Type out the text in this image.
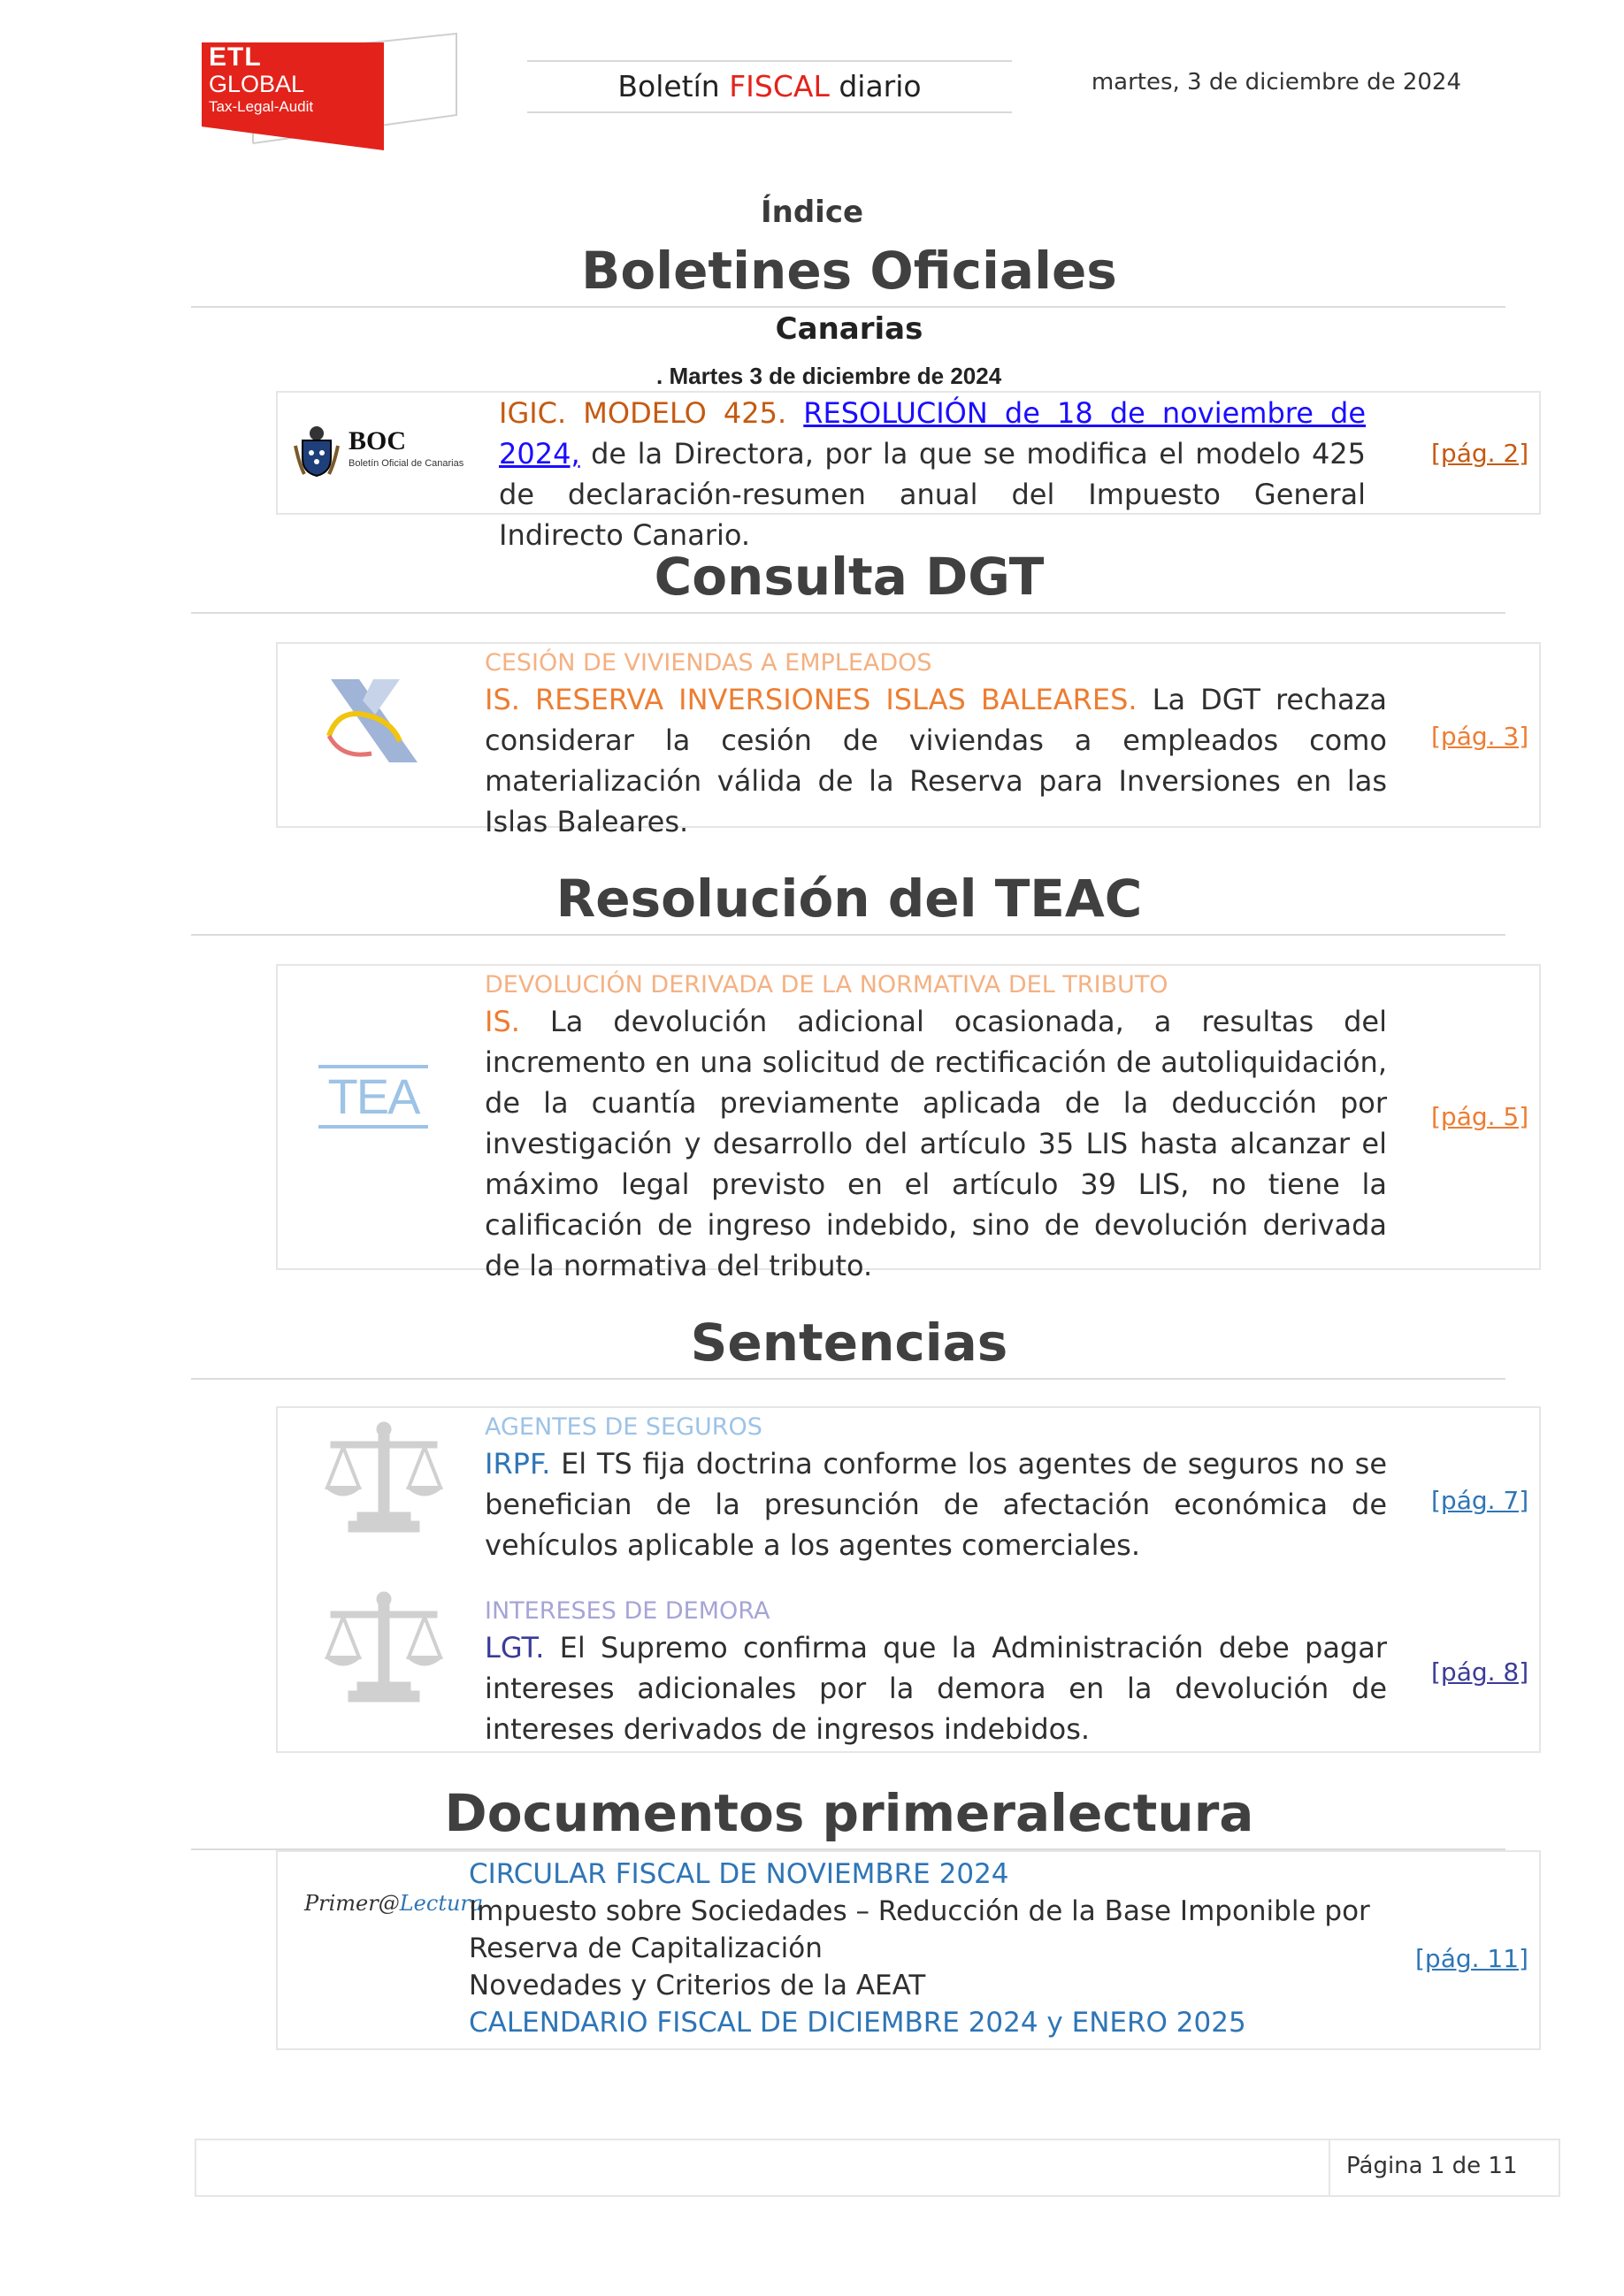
ETL
GLOBAL
Tax-Legal-Audit
Boletín FISCAL diario	martes, 3 de diciembre de 2024
Índice
Boletines Oficiales
Canarias
. Martes 3 de diciembre de 2024
BOC
Boletín Oficial de Canarias
IGIC. MODELO 425. RESOLUCIÓN de 18 de noviembre de 2024, de la Directora, por la que se modifica el modelo 425 de declaración-resumen anual del Impuesto General Indirecto Canario.
[pág. 2]
Consulta DGT
CESIÓN DE VIVIENDAS A EMPLEADOS
IS. RESERVA INVERSIONES ISLAS BALEARES. La DGT rechaza considerar la cesión de viviendas a empleados como materialización válida de la Reserva para Inversiones en las Islas Baleares.
[pág. 3]
Resolución del TEAC
TEA
DEVOLUCIÓN DERIVADA DE LA NORMATIVA DEL TRIBUTO
IS. La devolución adicional ocasionada, a resultas del incremento en una solicitud de rectificación de autoliquidación, de la cuantía previamente aplicada de la deducción por investigación y desarrollo del artículo 35 LIS hasta alcanzar el máximo legal previsto en el artículo 39 LIS, no tiene la calificación de ingreso indebido, sino de devolución derivada de la normativa del tributo.
[pág. 5]
Sentencias
AGENTES DE SEGUROS
IRPF. El TS fija doctrina conforme los agentes de seguros no se benefician de la presunción de afectación económica de vehículos aplicable a los agentes comerciales.
[pág. 7]
INTERESES DE DEMORA
LGT. El Supremo confirma que la Administración debe pagar intereses adicionales por la demora en la devolución de intereses derivados de ingresos indebidos.
[pág. 8]
Documentos primeralectura
Primer@Lectura
CIRCULAR FISCAL DE NOVIEMBRE 2024
Impuesto sobre Sociedades – Reducción de la Base Imponible por Reserva de Capitalización
Novedades y Criterios de la AEAT
CALENDARIO FISCAL DE DICIEMBRE 2024 y ENERO 2025
[pág. 11]
Página 1 de 11
